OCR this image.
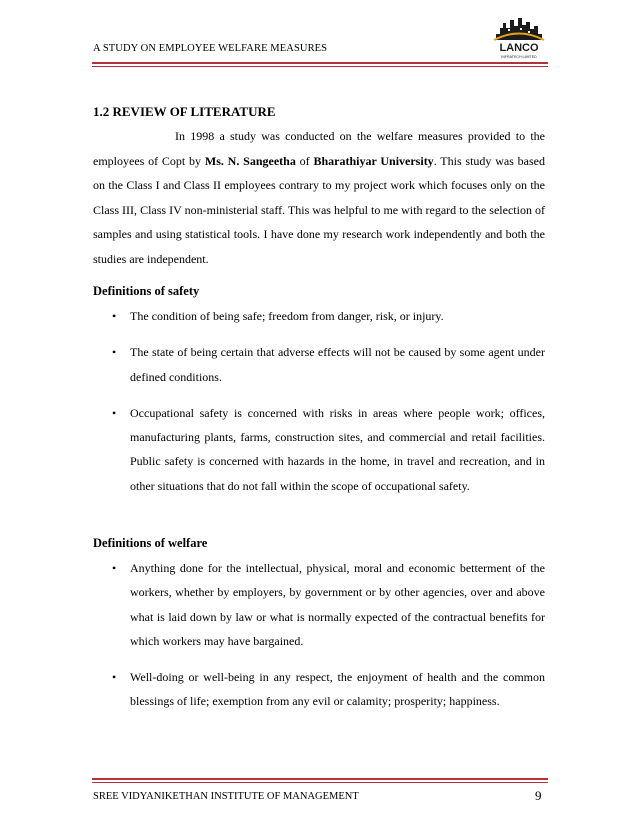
A STUDY ON EMPLOYEE WELFARE MEASURES	LANCO
INFRATECH LIMITED
1.2 REVIEW OF LITERATURE
In 1998 a study was conducted on the welfare measures provided to the employees of Copt by Ms. N. Sangeetha of Bharathiyar University. This study was based on the Class I and Class II employees contrary to my project work which focuses only on the Class III, Class IV non-ministerial staff. This was helpful to me with regard to the selection of samples and using statistical tools. I have done my research work independently and both the studies are independent.
Definitions of safety
• The condition of being safe; freedom from danger, risk, or injury.
• The state of being certain that adverse effects will not be caused by some agent under defined conditions.
• Occupational safety is concerned with risks in areas where people work; offices, manufacturing plants, farms, construction sites, and commercial and retail facilities. Public safety is concerned with hazards in the home, in travel and recreation, and in other situations that do not fall within the scope of occupational safety.
Definitions of welfare
• Anything done for the intellectual, physical, moral and economic betterment of the workers, whether by employers, by government or by other agencies, over and above what is laid down by law or what is normally expected of the contractual benefits for which workers may have bargained.
• Well-doing or well-being in any respect, the enjoyment of health and the common blessings of life; exemption from any evil or calamity; prosperity; happiness.
SREE VIDYANIKETHAN INSTITUTE OF MANAGEMENT	9
